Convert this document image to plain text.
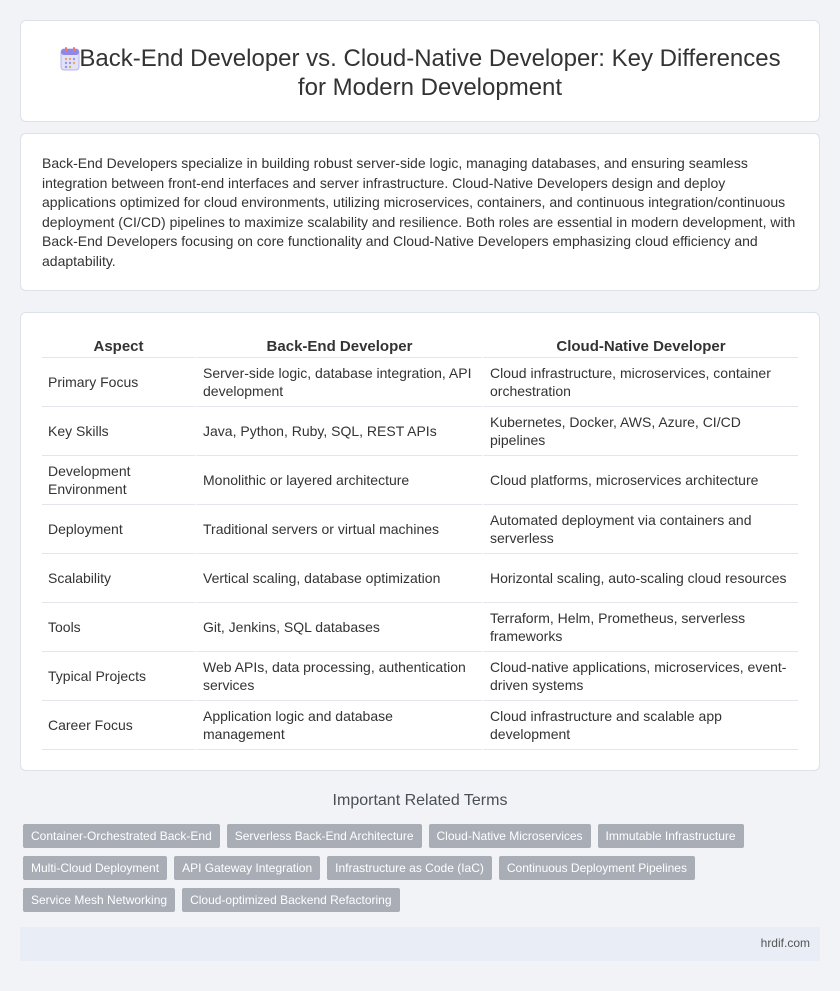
Back-End Developer vs. Cloud-Native Developer: Key Differences for Modern Development

Back-End Developers specialize in building robust server-side logic, managing databases, and ensuring seamless integration between front-end interfaces and server infrastructure. Cloud-Native Developers design and deploy applications optimized for cloud environments, utilizing microservices, containers, and continuous integration/continuous deployment (CI/CD) pipelines to maximize scalability and resilience. Both roles are essential in modern development, with Back-End Developers focusing on core functionality and Cloud-Native Developers emphasizing cloud efficiency and adaptability.

Aspect	Back-End Developer	Cloud-Native Developer
Primary Focus	Server-side logic, database integration, API development	Cloud infrastructure, microservices, container orchestration
Key Skills	Java, Python, Ruby, SQL, REST APIs	Kubernetes, Docker, AWS, Azure, CI/CD pipelines
Development Environment	Monolithic or layered architecture	Cloud platforms, microservices architecture
Deployment	Traditional servers or virtual machines	Automated deployment via containers and serverless
Scalability	Vertical scaling, database optimization	Horizontal scaling, auto-scaling cloud resources
Tools	Git, Jenkins, SQL databases	Terraform, Helm, Prometheus, serverless frameworks
Typical Projects	Web APIs, data processing, authentication services	Cloud-native applications, microservices, event-driven systems
Career Focus	Application logic and database management	Cloud infrastructure and scalable app development
Important Related Terms
Container-Orchestrated Back-End	Serverless Back-End Architecture	Cloud-Native Microservices	Immutable Infrastructure
Multi-Cloud Deployment	API Gateway Integration	Infrastructure as Code (IaC)	Continuous Deployment Pipelines
Service Mesh Networking	Cloud-optimized Backend Refactoring
hrdif.com
